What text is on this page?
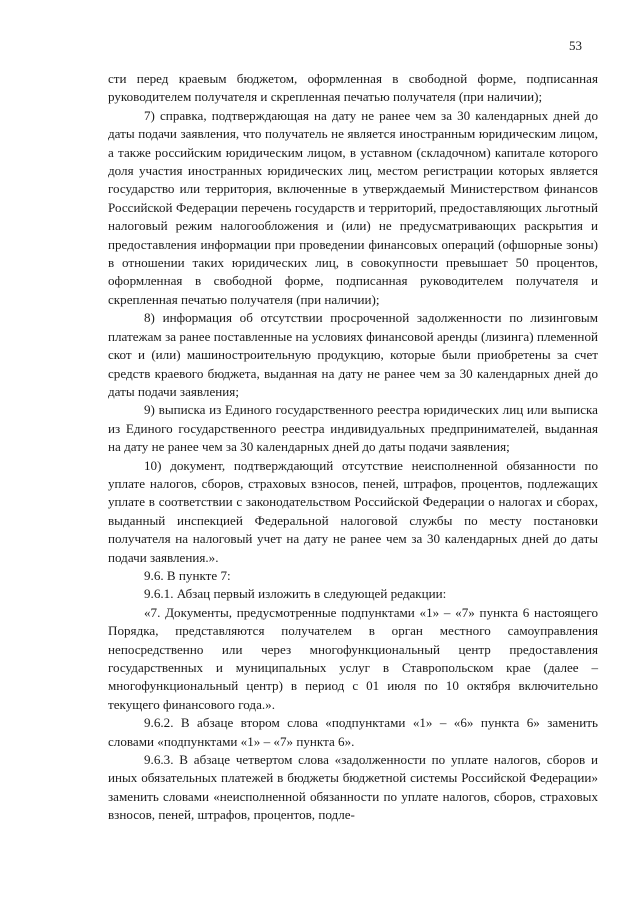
53

сти перед краевым бюджетом, оформленная в свободной форме, подписанная руководителем получателя и скрепленная печатью получателя (при наличии);

7) справка, подтверждающая на дату не ранее чем за 30 календарных дней до даты подачи заявления, что получатель не является иностранным юридическим лицом, а также российским юридическим лицом, в уставном (складочном) капитале которого доля участия иностранных юридических лиц, местом регистрации которых является государство или территория, включенные в утверждаемый Министерством финансов Российской Федерации перечень государств и территорий, предоставляющих льготный налоговый режим налогообложения и (или) не предусматривающих раскрытия и предоставления информации при проведении финансовых операций (офшорные зоны) в отношении таких юридических лиц, в совокупности превышает 50 процентов, оформленная в свободной форме, подписанная руководителем получателя и скрепленная печатью получателя (при наличии);

8) информация об отсутствии просроченной задолженности по лизинговым платежам за ранее поставленные на условиях финансовой аренды (лизинга) племенной скот и (или) машиностроительную продукцию, которые были приобретены за счет средств краевого бюджета, выданная на дату не ранее чем за 30 календарных дней до даты подачи заявления;

9) выписка из Единого государственного реестра юридических лиц или выписка из Единого государственного реестра индивидуальных предпринимателей, выданная на дату не ранее чем за 30 календарных дней до даты подачи заявления;

10) документ, подтверждающий отсутствие неисполненной обязанности по уплате налогов, сборов, страховых взносов, пеней, штрафов, процентов, подлежащих уплате в соответствии с законодательством Российской Федерации о налогах и сборах, выданный инспекцией Федеральной налоговой службы по месту постановки получателя на налоговый учет на дату не ранее чем за 30 календарных дней до даты подачи заявления.».

9.6. В пункте 7:

9.6.1. Абзац первый изложить в следующей редакции:

«7. Документы, предусмотренные подпунктами «1» – «7» пункта 6 настоящего Порядка, представляются получателем в орган местного самоуправления непосредственно или через многофункциональный центр предоставления государственных и муниципальных услуг в Ставропольском крае (далее – многофункциональный центр) в период с 01 июля по 10 октября включительно текущего финансового года.».

9.6.2. В абзаце втором слова «подпунктами «1» – «6» пункта 6» заменить словами «подпунктами «1» – «7» пункта 6».

9.6.3. В абзаце четвертом слова «задолженности по уплате налогов, сборов и иных обязательных платежей в бюджеты бюджетной системы Российской Федерации» заменить словами «неисполненной обязанности по уплате налогов, сборов, страховых взносов, пеней, штрафов, процентов, подле-
